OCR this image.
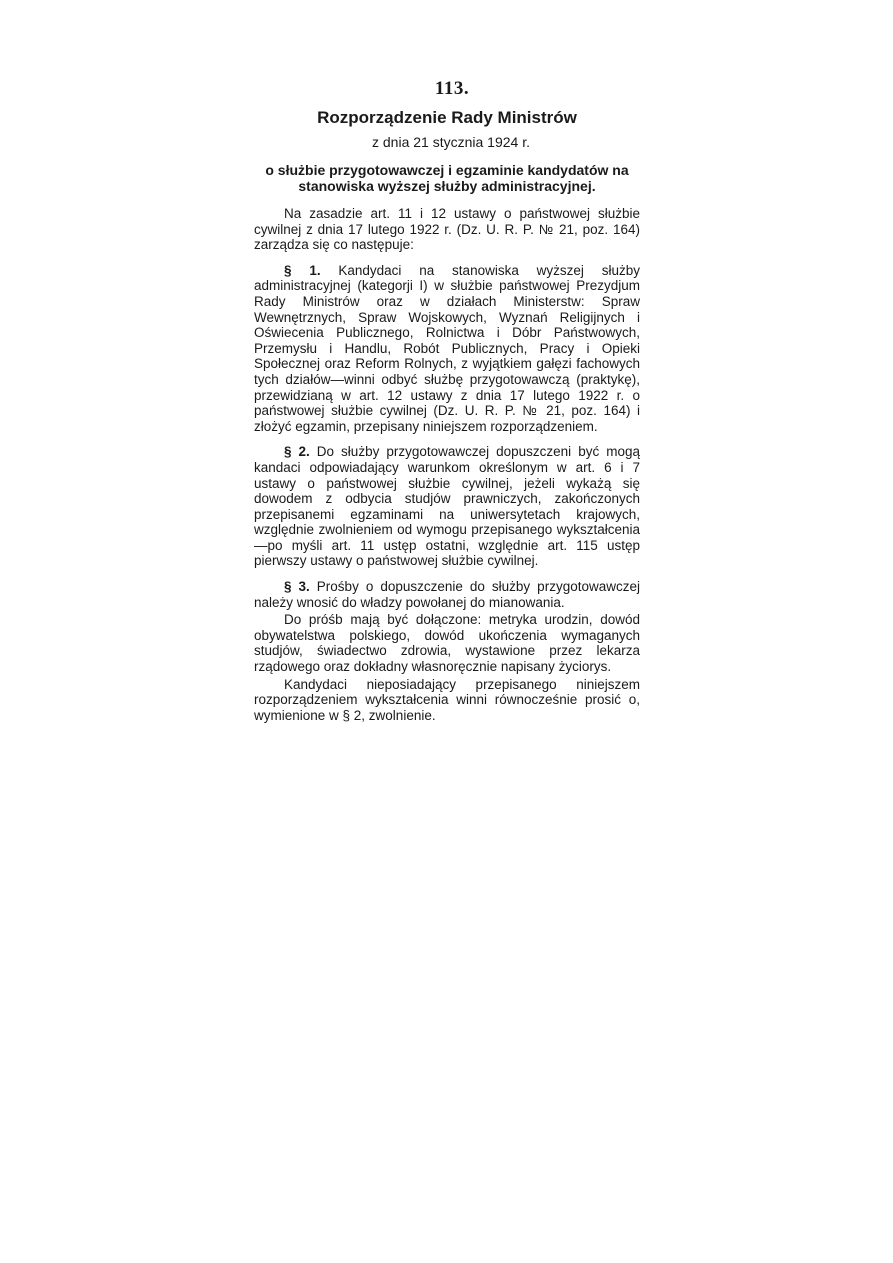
113.
Rozporządzenie Rady Ministrów
z dnia 21 stycznia 1924 r.
o służbie przygotowawczej i egzaminie kandydatów na stanowiska wyższej służby administracyjnej.

Na zasadzie art. 11 i 12 ustawy o państwowej służbie cywilnej z dnia 17 lutego 1922 r. (Dz. U. R. P. № 21, poz. 164) zarządza się co następuje:

§ 1. Kandydaci na stanowiska wyższej służby administracyjnej (kategorji I) w służbie państwowej Prezydjum Rady Ministrów oraz w działach Ministerstw: Spraw Wewnętrznych, Spraw Wojskowych, Wyznań Religijnych i Oświecenia Publicznego, Rolnictwa i Dóbr Państwowych, Przemysłu i Handlu, Robót Publicznych, Pracy i Opieki Społecznej oraz Reform Rolnych, z wyjątkiem gałęzi fachowych tych działów—winni odbyć służbę przygotowawczą (praktykę), przewidzianą w art. 12 ustawy z dnia 17 lutego 1922 r. o państwowej służbie cywilnej (Dz. U. R. P. № 21, poz. 164) i złożyć egzamin, przepisany niniejszem rozporządzeniem.

§ 2. Do służby przygotowawczej dopuszczeni być mogą kandaci odpowiadający warunkom określonym w art. 6 i 7 ustawy o państwowej służbie cywilnej, jeżeli wykażą się dowodem z odbycia studjów prawniczych, zakończonych przepisanemi egzaminami na uniwersytetach krajowych, względnie zwolnieniem od wymogu przepisanego wykształcenia—po myśli art. 11 ustęp ostatni, względnie art. 115 ustęp pierwszy ustawy o państwowej służbie cywilnej.

§ 3. Prośby o dopuszczenie do służby przygotowawczej należy wnosić do władzy powołanej do mianowania.

Do próśb mają być dołączone: metryka urodzin, dowód obywatelstwa polskiego, dowód ukończenia wymaganych studjów, świadectwo zdrowia, wystawione przez lekarza rządowego oraz dokładny własnoręcznie napisany życiorys.

Kandydaci nieposiadający przepisanego niniejszem rozporządzeniem wykształcenia winni równocześnie prosić o, wymienione w § 2, zwolnienie.
